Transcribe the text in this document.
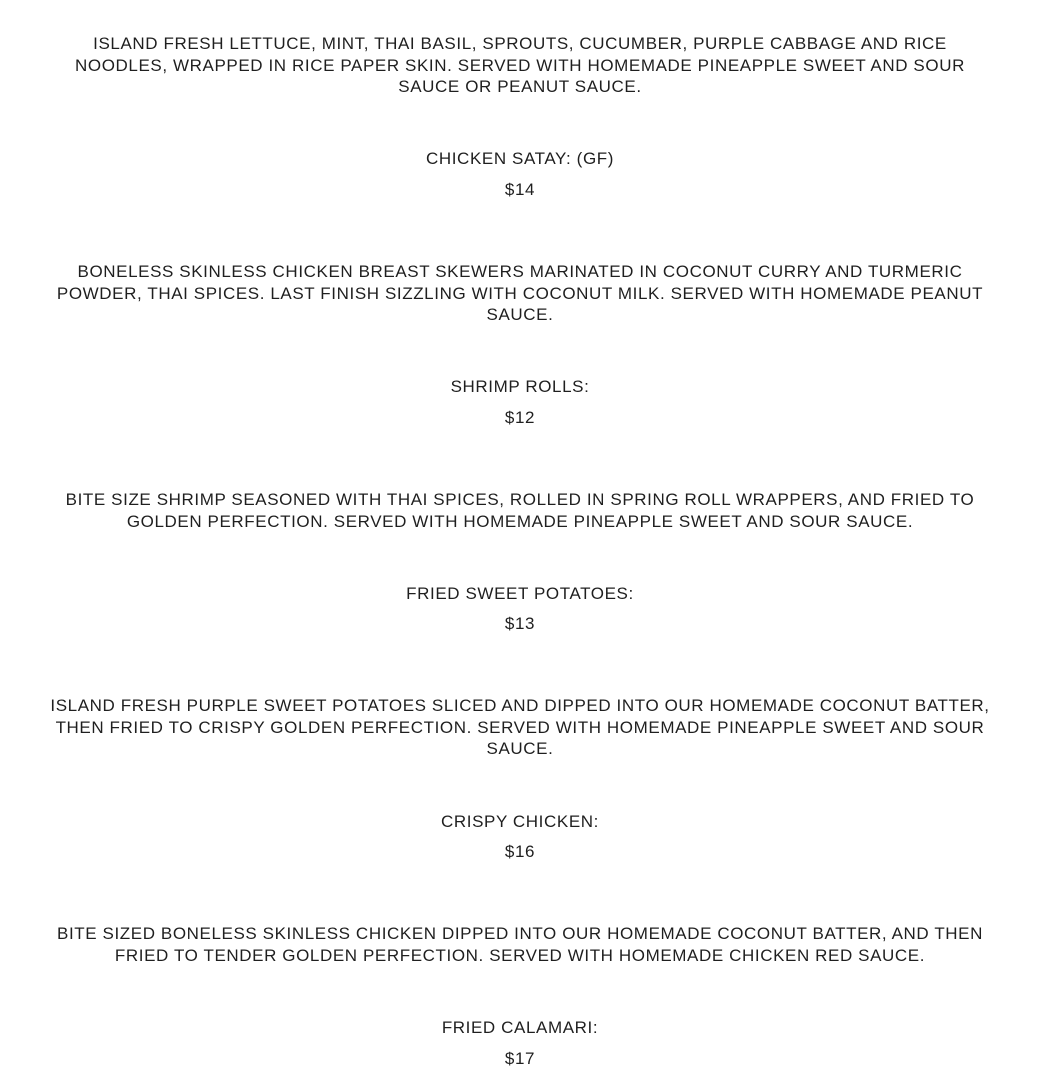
ISLAND FRESH LETTUCE, MINT, THAI BASIL, SPROUTS, CUCUMBER, PURPLE CABBAGE AND RICE NOODLES, WRAPPED IN RICE PAPER SKIN. SERVED WITH HOMEMADE PINEAPPLE SWEET AND SOUR SAUCE OR PEANUT SAUCE.

CHICKEN SATAY: (GF)

$14

BONELESS SKINLESS CHICKEN BREAST SKEWERS MARINATED IN COCONUT CURRY AND TURMERIC POWDER, THAI SPICES. LAST FINISH SIZZLING WITH COCONUT MILK. SERVED WITH HOMEMADE PEANUT SAUCE.

SHRIMP ROLLS:

$12

BITE SIZE SHRIMP SEASONED WITH THAI SPICES, ROLLED IN SPRING ROLL WRAPPERS, AND FRIED TO GOLDEN PERFECTION. SERVED WITH HOMEMADE PINEAPPLE SWEET AND SOUR SAUCE.

FRIED SWEET POTATOES:

$13

ISLAND FRESH PURPLE SWEET POTATOES SLICED AND DIPPED INTO OUR HOMEMADE COCONUT BATTER, THEN FRIED TO CRISPY GOLDEN PERFECTION. SERVED WITH HOMEMADE PINEAPPLE SWEET AND SOUR SAUCE.

CRISPY CHICKEN:

$16

BITE SIZED BONELESS SKINLESS CHICKEN DIPPED INTO OUR HOMEMADE COCONUT BATTER, AND THEN FRIED TO TENDER GOLDEN PERFECTION. SERVED WITH HOMEMADE CHICKEN RED SAUCE.

FRIED CALAMARI:

$17
